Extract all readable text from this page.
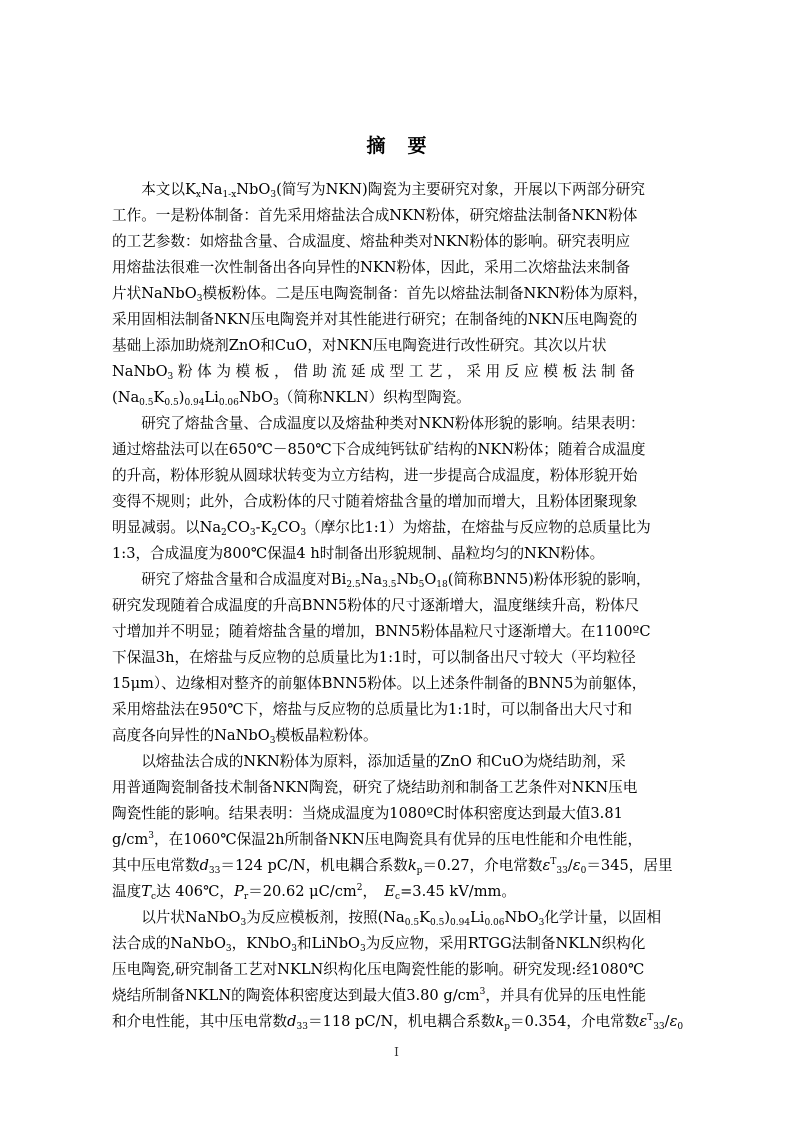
摘要
本文以$K_xNa_{1-x}NbO_3$(简写为NKN)陶瓷为主要研究对象，开展以下两部分研究
工作。一是粉体制备：首先采用熔盐法合成NKN粉体，研究熔盐法制备NKN粉体
的工艺参数：如熔盐含量、合成温度、熔盐种类对NKN粉体的影响。研究表明应
用熔盐法很难一次性制备出各向异性的NKN粉体，因此，采用二次熔盐法来制备
片状NaNbO$_3$模板粉体。二是压电陶瓷制备：首先以熔盐法制备NKN粉体为原料，
采用固相法制备NKN压电陶瓷并对其性能进行研究；在制备纯的NKN压电陶瓷的
基础上添加助烧剂ZnO和CuO，对NKN压电陶瓷进行改性研究。其次以片状
NaNbO$_3$ 粉 体 为 模 板 ， 借 助 流 延 成 型 工 艺 ， 采 用 反 应 模 板 法 制 备
$(Na_{0.5}K_{0.5})_{0.94}Li_{0.06}NbO_3$（简称NKLN）织构型陶瓷。
研究了熔盐含量、合成温度以及熔盐种类对NKN粉体形貌的影响。结果表明：
通过熔盐法可以在650℃－850℃下合成纯钙钛矿结构的NKN粉体；随着合成温度
的升高，粉体形貌从圆球状转变为立方结构，进一步提高合成温度，粉体形貌开始
变得不规则；此外，合成粉体的尺寸随着熔盐含量的增加而增大，且粉体团聚现象
明显减弱。以$Na_2CO_3-K_2CO_3$（摩尔比1:1）为熔盐，在熔盐与反应物的总质量比为
1:3，合成温度为800℃保温4 h时制备出形貌规制、晶粒均匀的NKN粉体。
研究了熔盐含量和合成温度对$Bi_{2.5}Na_{3.5}Nb_5O_{18}$(简称BNN5)粉体形貌的影响，
研究发现随着合成温度的升高BNN5粉体的尺寸逐渐增大，温度继续升高，粉体尺
寸增加并不明显；随着熔盐含量的增加，BNN5粉体晶粒尺寸逐渐增大。在1100ºC
下保温3h，在熔盐与反应物的总质量比为1:1时，可以制备出尺寸较大（平均粒径
15μm）、边缘相对整齐的前躯体BNN5粉体。以上述条件制备的BNN5为前躯体，
采用熔盐法在950℃下，熔盐与反应物的总质量比为1:1时，可以制备出大尺寸和
高度各向异性的NaNbO$_3$模板晶粒粉体。
以熔盐法合成的NKN粉体为原料，添加适量的ZnO 和CuO为烧结助剂，采
用普通陶瓷制备技术制备NKN陶瓷，研究了烧结助剂和制备工艺条件对NKN压电
陶瓷性能的影响。结果表明：当烧成温度为1080ºC时体积密度达到最大值3.81
$g/cm^3$，在1060℃保温2h所制备NKN压电陶瓷具有优异的压电性能和介电性能，
其中压电常数$d_{33}=124$ pC/N，机电耦合系数$k_p=0.27$，介电常数$\varepsilon^T_{33}/\varepsilon_0=345$，居里
温度$T_c$达 406℃，$P_r=20.62$ $\mu C/cm^2$，　$E_c=3.45$ kV/mm。
以片状NaNbO$_3$为反应模板剂，按照$(Na_{0.5}K_{0.5})_{0.94}Li_{0.06}NbO_3$化学计量，以固相
法合成的NaNbO$_3$，KNbO$_3$和LiNbO$_3$为反应物，采用RTGG法制备NKLN织构化
压电陶瓷,研究制备工艺对NKLN织构化压电陶瓷性能的影响。研究发现:经1080℃
烧结所制备NKLN的陶瓷体积密度达到最大值3.80 $g/cm^3$，并具有优异的压电性能
和介电性能，其中压电常数$d_{33}=118$ pC/N，机电耦合系数$k_p=0.354$，介电常数$\varepsilon^T_{33}/\varepsilon_0$
I
